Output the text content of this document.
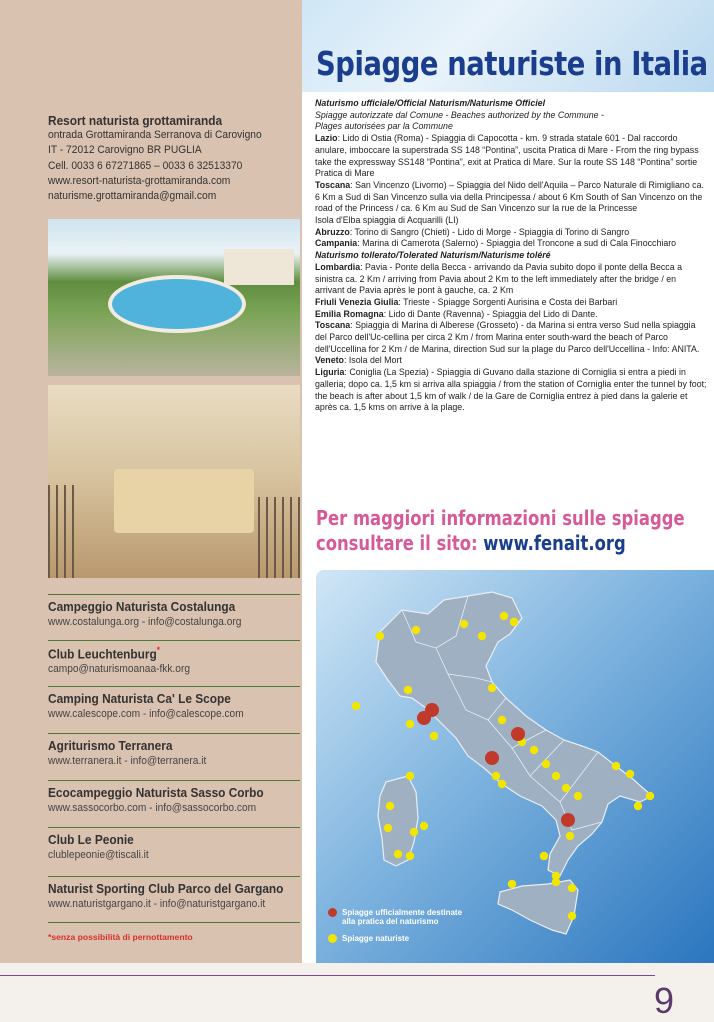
Spiagge naturiste in Italia
Resort naturista grottamiranda
ontrada Grottamiranda Serranova di Carovigno
IT - 72012 Carovigno BR PUGLIA
Cell. 0033 6 67271865 – 0033 6 32513370
www.resort-naturista-grottamiranda.com
naturisme.grottamiranda@gmail.com
Campeggio Naturista Costalunga
www.costalunga.org - info@costalunga.org
Club Leuchtenburg*
campo@naturismoanaa-fkk.org
Camping Naturista Ca' Le Scope
www.calescope.com - info@calescope.com
Agriturismo Terranera
www.terranera.it - info@terranera.it
Ecocampeggio Naturista Sasso Corbo
www.sassocorbo.com - info@sassocorbo.com
Club Le Peonie
clublepeonie@tiscali.it
Naturist Sporting Club Parco del Gargano
www.naturistgargano.it - info@naturistgargano.it
*senza possibilità di pernottamento
Naturismo ufficiale/Official Naturism/Naturisme Officiel
Spiagge autorizzate dal Comune - Beaches authorized by the Commune -
Plages autorisées par la Commune
Lazio: Lido di Ostia (Roma) - Spiaggia di Capocotta - km. 9 strada statale 601 - Dal raccordo anulare, imboccare la superstrada SS 148 “Pontina”, uscita Pratica di Mare - From the ring bypass take the expressway SS148 “Pontina”, exit at Pratica di Mare. Sur la route SS 148 “Pontina” sortie Pratica di Mare
Toscana: San Vincenzo (Livorno) – Spiaggia del Nido dell'Aquila – Parco Naturale di Rimigliano ca. 6 Km a Sud di San Vincenzo sulla via della Principessa / about 6 Km South of San Vincenzo on the road of the Princess / ca. 6 Km au Sud de San Vincenzo sur la rue de la Princesse
Isola d'Elba spiaggia di Acquarilli (LI)
Abruzzo: Torino di Sangro (Chieti) - Lido di Morge - Spiaggia di Torino di Sangro
Campania: Marina di Camerota (Salerno) - Spiaggia del Troncone a sud di Cala Finocchiaro
Naturismo tollerato/Tolerated Naturism/Naturisme toléré
Lombardia: Pavia - Ponte della Becca - arrivando da Pavia subito dopo il ponte della Becca a sinistra ca. 2 Km / arriving from Pavia about 2 Km to the left immediately after the bridge / en arrivant de Pavia après le pont à gauche, ca. 2 Km
Friuli Venezia Giulia: Trieste - Spiagge Sorgenti Aurisina e Costa dei Barbari
Emilia Romagna: Lido di Dante (Ravenna) - Spiaggia del Lido di Dante.
Toscana: Spiaggia di Marina di Alberese (Grosseto) - da Marina si entra verso Sud nella spiaggia del Parco dell'Uc-cellina per circa 2 Km / from Marina enter south-ward the beach of Parco dell'Uccellina for 2 Km / de Marina, direction Sud sur la plage du Parco dell'Uccellina - Info: ANITA.
Veneto: Isola del Mort
Liguria: Coniglia (La Spezia) - Spiaggia di Guvano dalla stazione di Corniglia si entra a piedi in galleria; dopo ca. 1,5 km si arriva alla spiaggia / from the station of Corniglia enter the tunnel by foot; the beach is after about 1,5 km of walk / de la Gare de Corniglia entrez à pied dans la galerie et après ca. 1,5 kms on arrive à la plage.
Per maggiori informazioni sulle spiagge
consultare il sito: www.fenait.org
Spiagge ufficialmente destinate alla pratica del naturismo
Spiagge naturiste
9
